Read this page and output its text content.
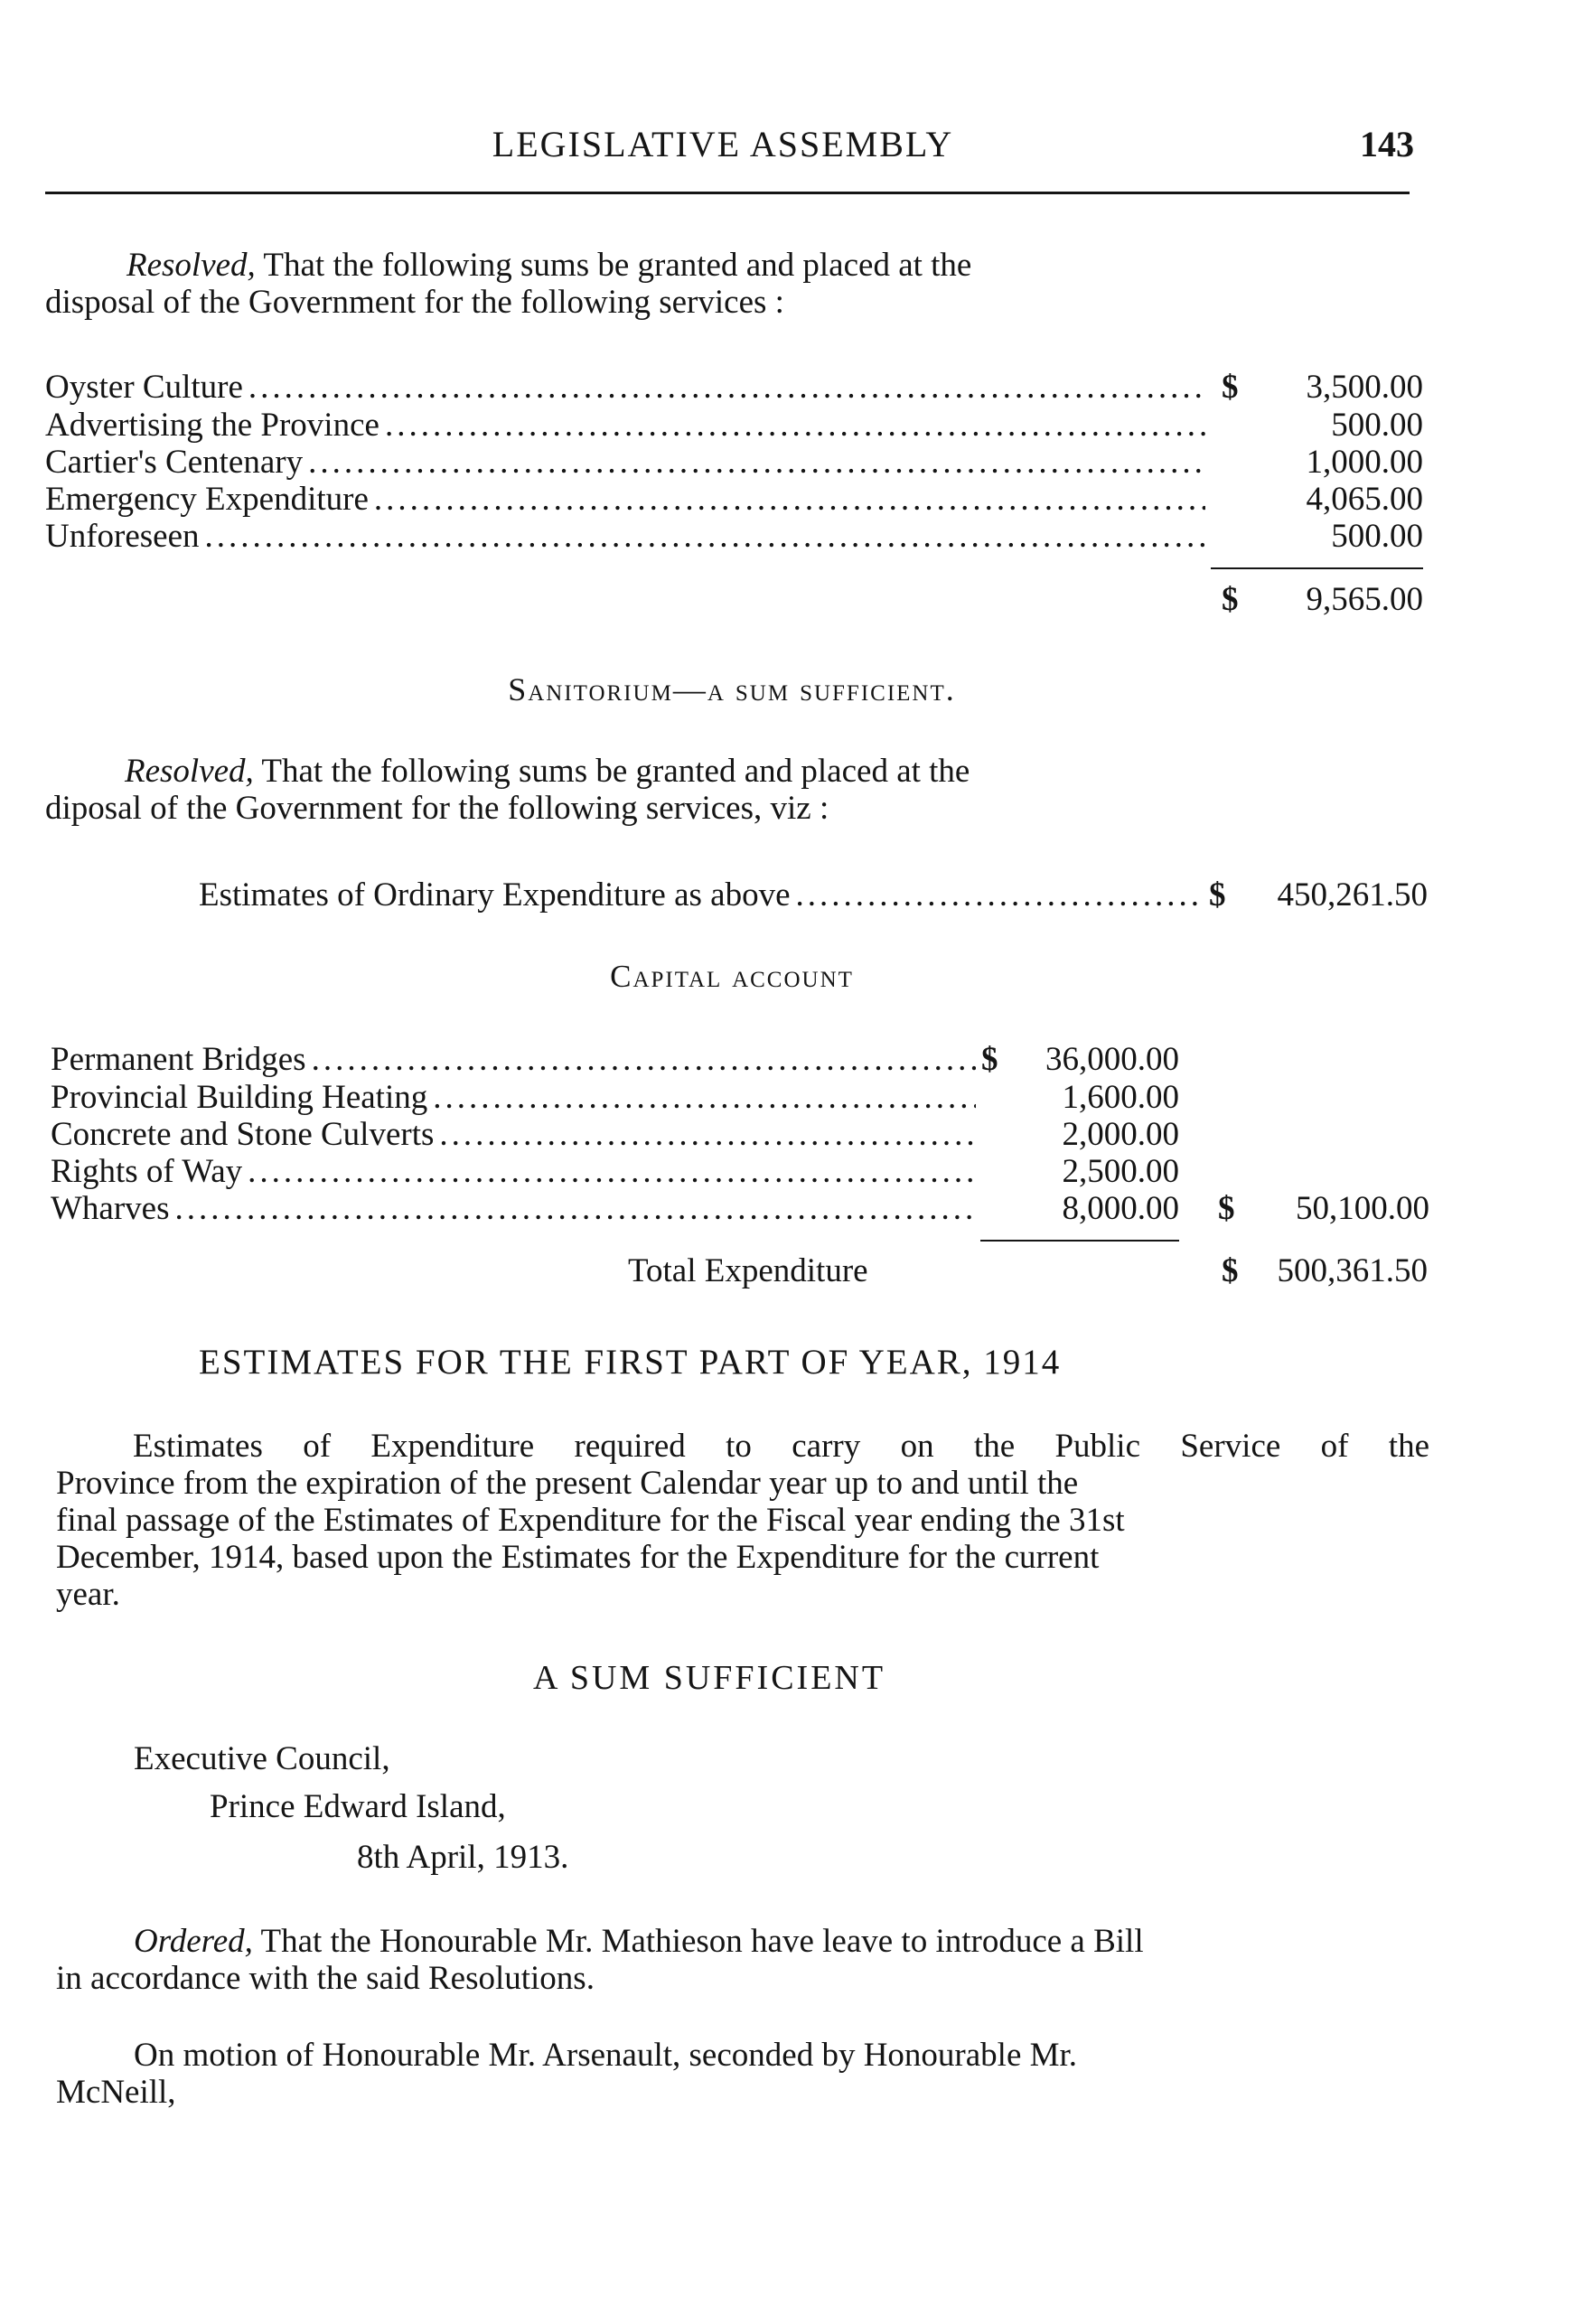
LEGISLATIVE ASSEMBLY	143
Resolved, That the following sums be granted and placed at the
disposal of the Government for the following services :
Oyster Culture .....	$	3,500.00
Advertising the Province .....	500.00
Cartier's Centenary .....	1,000.00
Emergency Expenditure .....	4,065.00
Unforeseen .....	500.00
$	9,565.00
Sanitorium—a sum sufficient.
Resolved, That the following sums be granted and placed at the
diposal of the Government for the following services, viz :
Estimates of Ordinary Expenditure as above .....	$	450,261.50
Capital account
Permanent Bridges .....	$	36,000.00
Provincial Building Heating .....	1,600.00
Concrete and Stone Culverts .....	2,000.00
Rights of Way .....	2,500.00
Wharves .....	8,000.00 $	50,100.00
Total Expenditure	$	500,361.50
ESTIMATES FOR THE FIRST PART OF YEAR, 1914
Estimates of Expenditure required to carry on the Public Service of the
Province from the expiration of the present Calendar year up to and until the
final passage of the Estimates of Expenditure for the Fiscal year ending the 31st
December, 1914, based upon the Estimates for the Expenditure for the current
year.
A SUM SUFFICIENT
Executive Council,
Prince Edward Island,
8th April, 1913.
Ordered, That the Honourable Mr. Mathieson have leave to introduce a Bill
in accordance with the said Resolutions.
On motion of Honourable Mr. Arsenault, seconded by Honourable Mr.
McNeill,
